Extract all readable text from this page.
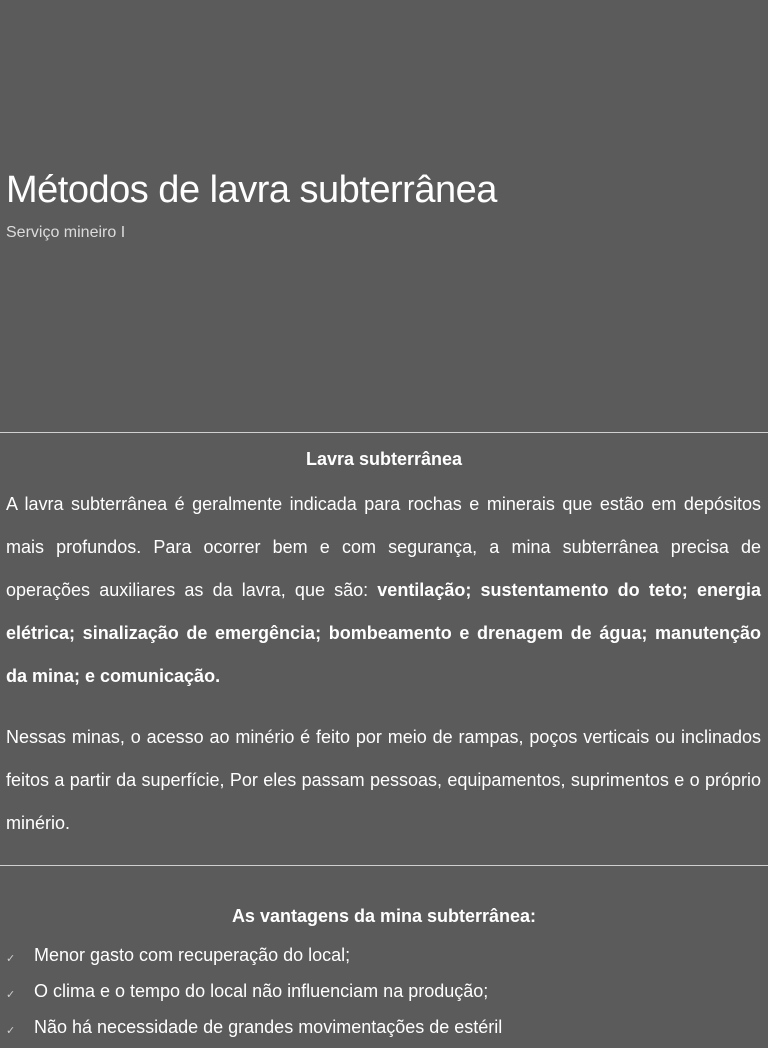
Métodos de lavra subterrânea

Serviço mineiro I

Lavra subterrânea

A lavra subterrânea é geralmente indicada para rochas e minerais que estão em depósitos mais profundos. Para ocorrer bem e com segurança, a mina subterrânea precisa de operações auxiliares as da lavra, que são: ventilação; sustentamento do teto; energia elétrica; sinalização de emergência; bombeamento e drenagem de água; manutenção da mina; e comunicação.

Nessas minas, o acesso ao minério é feito por meio de rampas, poços verticais ou inclinados feitos a partir da superfície, Por eles passam pessoas, equipamentos, suprimentos e o próprio minério.

As vantagens da mina subterrânea:
✓ Menor gasto com recuperação do local;
✓ O clima e o tempo do local não influenciam na produção;
✓ Não há necessidade de grandes movimentações de estéril
